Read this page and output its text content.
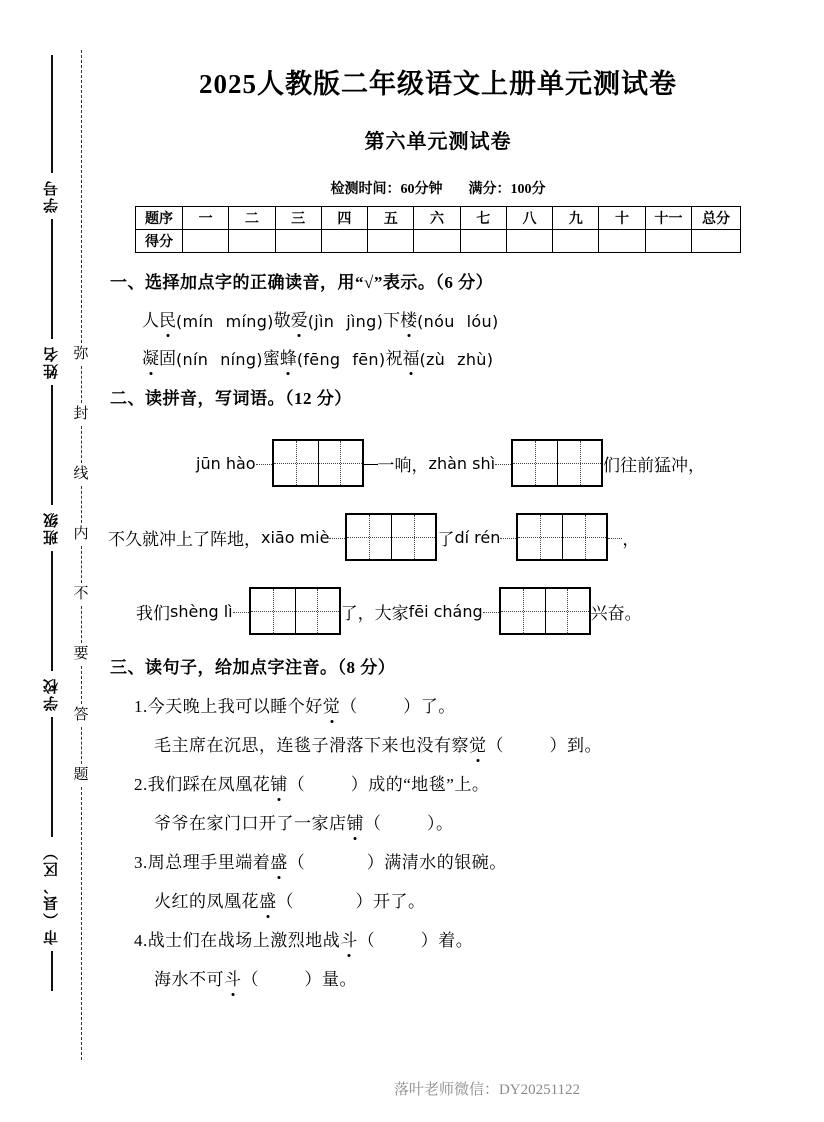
学号
姓名
班级
学校
市（县、区）
弥
封
线
内
不
要
答
题
2025人教版二年级语文上册单元测试卷
第六单元测试卷
检测时间：60分钟 满分：100分
题序	一	二	三	四	五	六	七	八	九	十	十一	总分
得分												
一、选择加点字的正确读音，用“√”表示。（6 分）
人民 (mín míng) 敬爱 (jìn jìng) 下楼 (nóu lóu)
凝固 (nín níng) 蜜蜂 (fēng fēn) 祝福 (zù zhù)
二、读拼音，写词语。（12 分）
jūn hào	一响， zhàn shì	们往前猛冲，
不久就冲上了阵地， xiāo miè	了 dí rén	，
我们 shèng lì	了，大家 fēi cháng	兴奋。
三、读句子，给加点字注音。（8 分）
1.今天晚上我可以睡个好觉（	）了。
毛主席在沉思，连毯子滑落下来也没有察觉（	）到。
2.我们踩在凤凰花铺（	）成的“地毯”上。
爷爷在家门口开了一家店铺（	）。
3.周总理手里端着盛（	）满清水的银碗。
火红的凤凰花盛（	）开了。
4.战士们在战场上激烈地战斗（	）着。
海水不可斗（	）量。
落叶老师微信：DY20251122
